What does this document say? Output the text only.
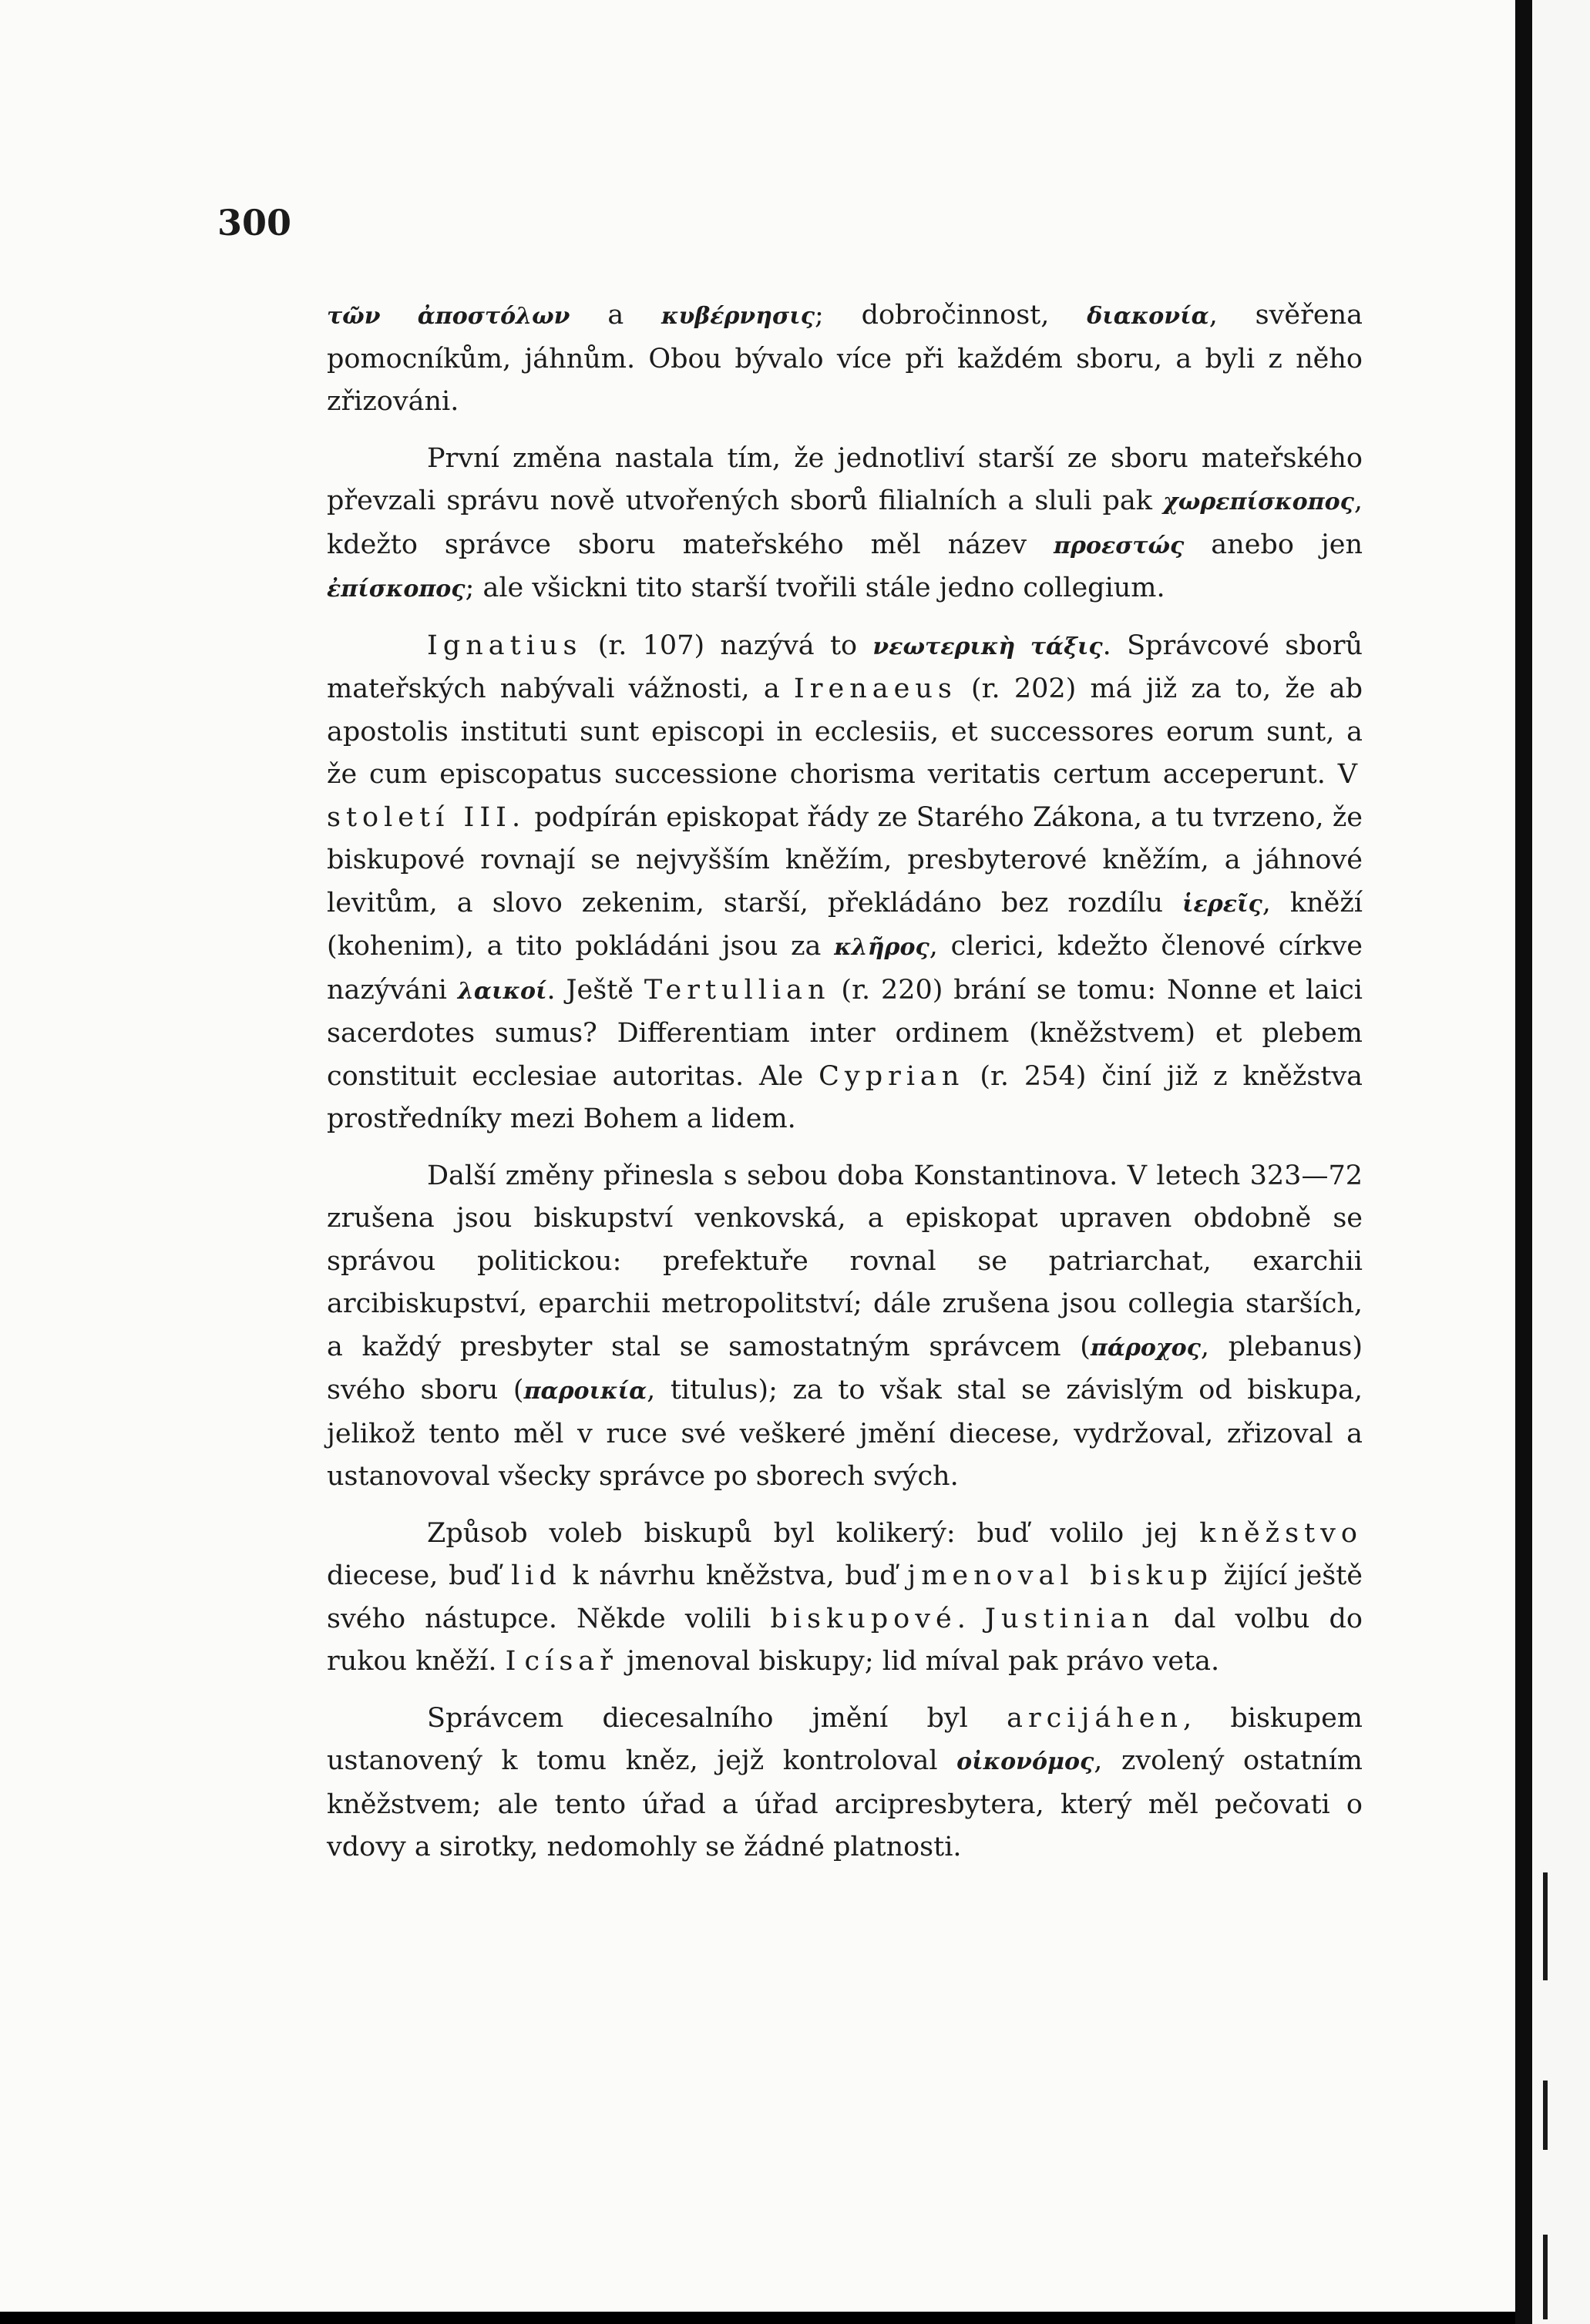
300

τῶν ἀποστόλων a κυβέρνησις; dobročinnost, διακονία, svěřena pomocníkům, jáhnům. Obou bývalo více při každém sboru, a byli z něho zřizováni.

První změna nastala tím, že jednotliví starší ze sboru mateřského převzali správu nově utvořených sborů filialních a sluli pak χωρεπίσκοπος, kdežto správce sboru mateřského měl název προεστώς anebo jen ἐπίσκοπος; ale všickni tito starší tvořili stále jedno collegium.

Ignatius (r. 107) nazývá to νεωτερικὴ τάξις. Správcové sborů mateřských nabývali vážnosti, a Irenaeus (r. 202) má již za to, že ab apostolis instituti sunt episcopi in ecclesiis, et successores eorum sunt, a že cum episcopatus successione chorisma veritatis certum acceperunt. V století III. podpírán episkopat řády ze Starého Zákona, a tu tvrzeno, že biskupové rovnají se nejvyšším kněžím, presbyterové kněžím, a jáhnové levitům, a slovo zekenim, starší, překládáno bez rozdílu ἱερεῖς, kněží (kohenim), a tito pokládáni jsou za κλῆρος, clerici, kdežto členové církve nazýváni λαικοί. Ještě Tertullian (r. 220) brání se tomu: Nonne et laici sacerdotes sumus? Differentiam inter ordinem (kněžstvem) et plebem constituit ecclesiae autoritas. Ale Cyprian (r. 254) činí již z kněžstva prostředníky mezi Bohem a lidem.

Další změny přinesla s sebou doba Konstantinova. V letech 323—72 zrušena jsou biskupství venkovská, a episkopat upraven obdobně se správou politickou: prefektuře rovnal se patriarchat, exarchii arcibiskupství, eparchii metropolitství; dále zrušena jsou collegia starších, a každý presbyter stal se samostatným správcem (πάροχος, plebanus) svého sboru (παροικία, titulus); za to však stal se závislým od biskupa, jelikož tento měl v ruce své veškeré jmění diecese, vydržoval, zřizoval a ustanovoval všecky správce po sborech svých.

Způsob voleb biskupů byl kolikerý: buď volilo jej kněžstvo diecese, buď lid k návrhu kněžstva, buď jmenoval biskup žijící ještě svého nástupce. Někde volili biskupové. Justinian dal volbu do rukou kněží. I císař jmenoval biskupy; lid míval pak právo veta.

Správcem diecesalního jmění byl arcijáhen, biskupem ustanovený k tomu kněz, jejž kontroloval οἰκονόμος, zvolený ostatním kněžstvem; ale tento úřad a úřad arcipresbytera, který měl pečovati o vdovy a sirotky, nedomohly se žádné platnosti.
